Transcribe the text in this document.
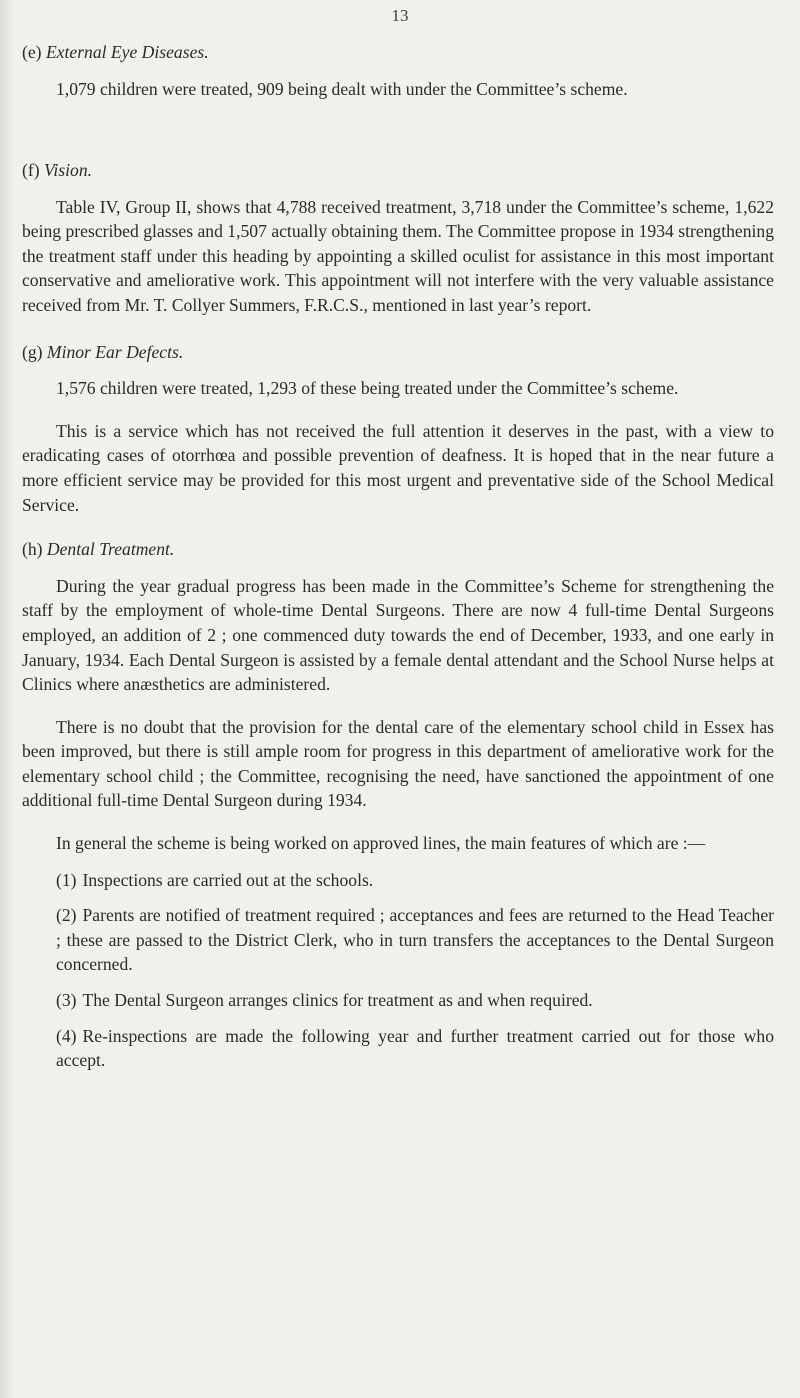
13
(e) External Eye Diseases.

1,079 children were treated, 909 being dealt with under the Committee’s scheme.

(f) Vision.

Table IV, Group II, shows that 4,788 received treatment, 3,718 under the Committee’s scheme, 1,622 being prescribed glasses and 1,507 actually obtaining them. The Committee propose in 1934 strengthening the treatment staff under this heading by appointing a skilled oculist for assistance in this most important conservative and ameliorative work. This appointment will not interfere with the very valuable assistance received from Mr. T. Collyer Summers, F.R.C.S., mentioned in last year’s report.

(g) Minor Ear Defects.

1,576 children were treated, 1,293 of these being treated under the Committee’s scheme.

This is a service which has not received the full attention it deserves in the past, with a view to eradicating cases of otorrhœa and possible prevention of deafness. It is hoped that in the near future a more efficient service may be provided for this most urgent and preventative side of the School Medical Service.

(h) Dental Treatment.

During the year gradual progress has been made in the Committee’s Scheme for strengthening the staff by the employment of whole-time Dental Surgeons. There are now 4 full-time Dental Surgeons employed, an addition of 2 ; one commenced duty towards the end of December, 1933, and one early in January, 1934. Each Dental Surgeon is assisted by a female dental attendant and the School Nurse helps at Clinics where anæsthetics are administered.

There is no doubt that the provision for the dental care of the elementary school child in Essex has been improved, but there is still ample room for progress in this department of ameliorative work for the elementary school child ; the Committee, recognising the need, have sanctioned the appointment of one additional full-time Dental Surgeon during 1934.

In general the scheme is being worked on approved lines, the main features of which are :—

(1) Inspections are carried out at the schools.
(2) Parents are notified of treatment required ; acceptances and fees are returned to the Head Teacher ; these are passed to the District Clerk, who in turn transfers the acceptances to the Dental Surgeon concerned.
(3) The Dental Surgeon arranges clinics for treatment as and when required.
(4) Re-inspections are made the following year and further treatment carried out for those who accept.
